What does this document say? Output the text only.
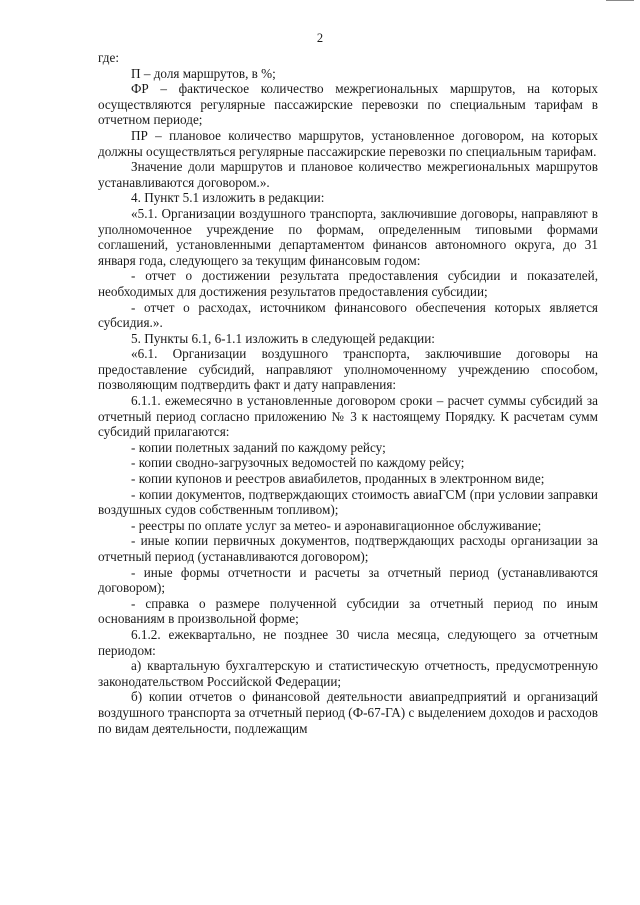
2

где:

П – доля маршрутов, в %;

ФР – фактическое количество межрегиональных маршрутов, на которых осуществляются регулярные пассажирские перевозки по специальным тарифам в отчетном периоде;

ПР – плановое количество маршрутов, установленное договором, на которых должны осуществляться регулярные пассажирские перевозки по специальным тарифам.

Значение доли маршрутов и плановое количество межрегиональных маршрутов устанавливаются договором.».

4. Пункт 5.1 изложить в редакции:

«5.1. Организации воздушного транспорта, заключившие договоры, направляют в уполномоченное учреждение по формам, определенным типовыми формами соглашений, установленными департаментом финансов автономного округа, до 31 января года, следующего за текущим финансовым годом:

- отчет о достижении результата предоставления субсидии и показателей, необходимых для достижения результатов предоставления субсидии;

- отчет о расходах, источником финансового обеспечения которых является субсидия.».

5. Пункты 6.1, 6-1.1 изложить в следующей редакции:

«6.1. Организации воздушного транспорта, заключившие договоры на предоставление субсидий, направляют уполномоченному учреждению способом, позволяющим подтвердить факт и дату направления:

6.1.1. ежемесячно в установленные договором сроки – расчет суммы субсидий за отчетный период согласно приложению № 3 к настоящему Порядку. К расчетам сумм субсидий прилагаются:

- копии полетных заданий по каждому рейсу;

- копии сводно-загрузочных ведомостей по каждому рейсу;

- копии купонов и реестров авиабилетов, проданных в электронном виде;

- копии документов, подтверждающих стоимость авиаГСМ (при условии заправки воздушных судов собственным топливом);

- реестры по оплате услуг за метео- и аэронавигационное обслуживание;

- иные копии первичных документов, подтверждающих расходы организации за отчетный период (устанавливаются договором);

- иные формы отчетности и расчеты за отчетный период (устанавливаются договором);

- справка о размере полученной субсидии за отчетный период по иным основаниям в произвольной форме;

6.1.2. ежеквартально, не позднее 30 числа месяца, следующего за отчетным периодом:

а) квартальную бухгалтерскую и статистическую отчетность, предусмотренную законодательством Российской Федерации;

б) копии отчетов о финансовой деятельности авиапредприятий и организаций воздушного транспорта за отчетный период (Ф-67-ГА) с выделением доходов и расходов по видам деятельности, подлежащим
